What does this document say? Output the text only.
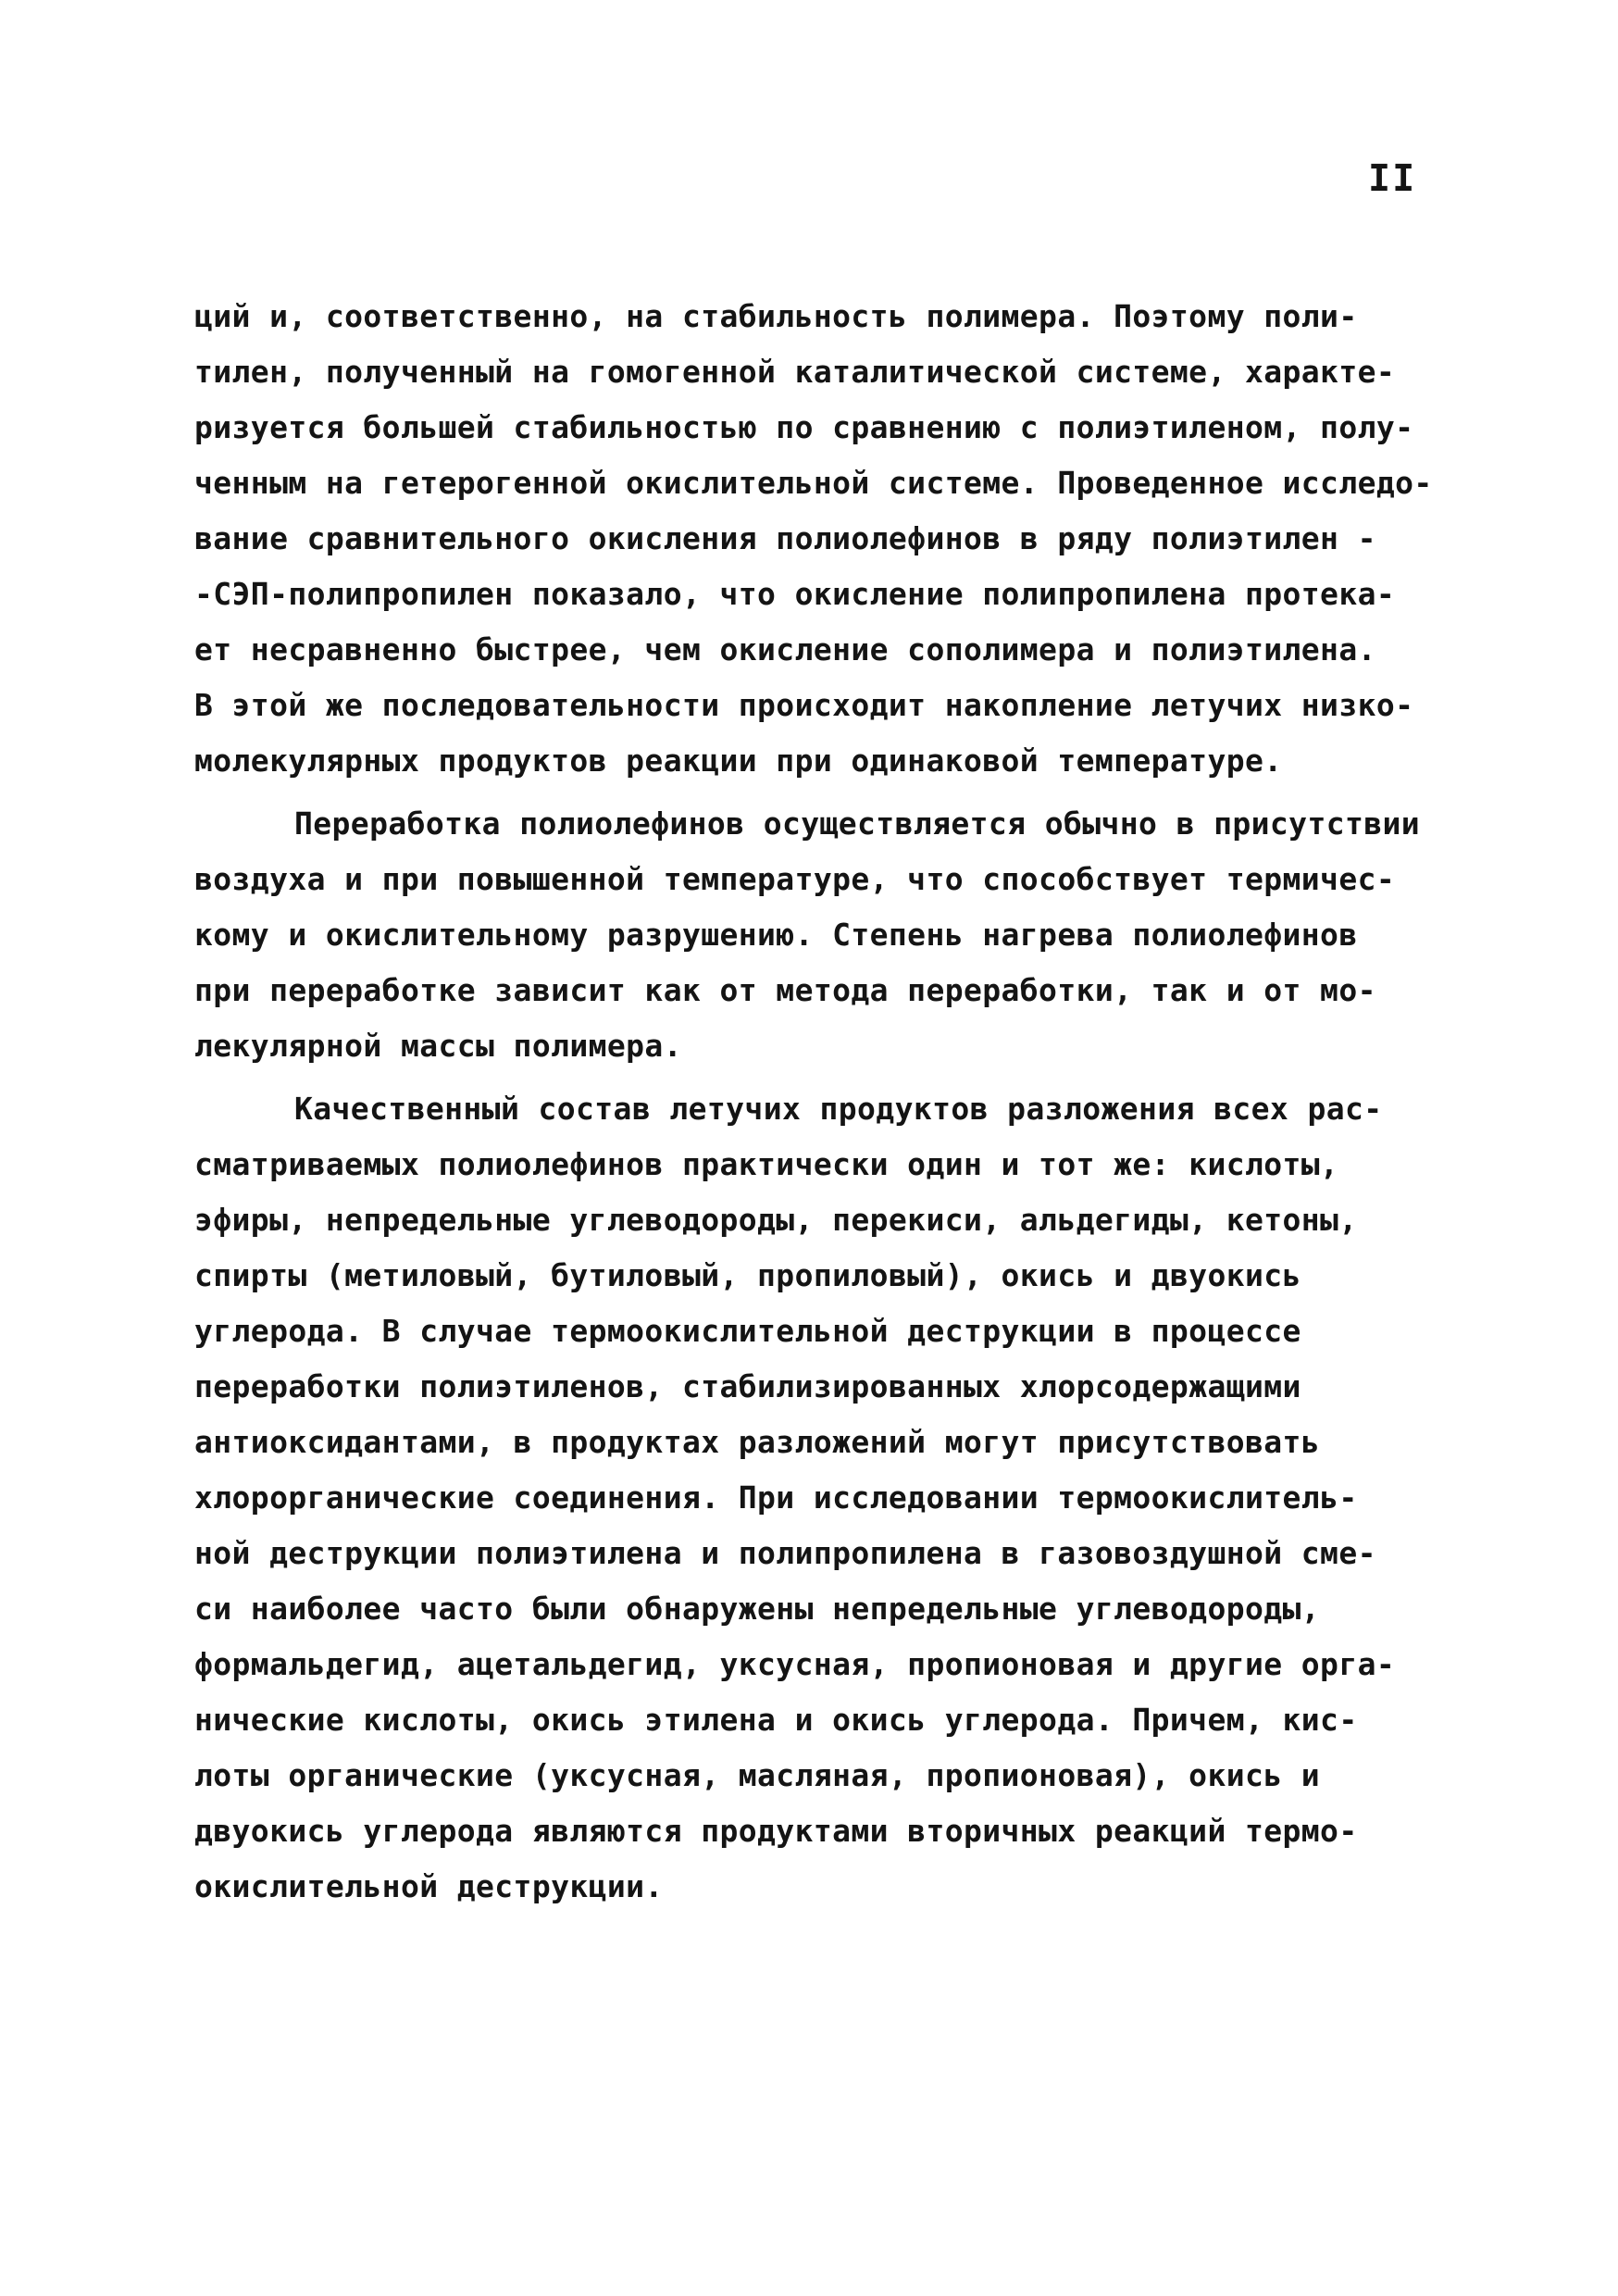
II
ций и, соответственно, на стабильность полимера. Поэтому поли-
тилен, полученный на гомогенной каталитической системе, характе-
ризуется большей стабильностью по сравнению с полиэтиленом, полу-
ченным на гетерогенной окислительной системе. Проведенное исследо-
вание сравнительного окисления полиолефинов в ряду полиэтилен -
-СЭП-полипропилен показало, что окисление полипропилена протека-
ет несравненно быстрее, чем окисление сополимера и полиэтилена.
В этой же последовательности происходит накопление летучих низко-
молекулярных продуктов реакции при одинаковой температуре.
Переработка полиолефинов осуществляется обычно в присутствии
воздуха и при повышенной температуре, что способствует термичес-
кому и окислительному разрушению. Степень нагрева полиолефинов
при переработке зависит как от метода переработки, так и от мо-
лекулярной массы полимера.
Качественный состав летучих продуктов разложения всех рас-
сматриваемых полиолефинов практически один и тот же: кислоты,
эфиры, непредельные углеводороды, перекиси, альдегиды, кетоны,
спирты (метиловый, бутиловый, пропиловый), окись и двуокись
углерода. В случае термоокислительной деструкции в процессе
переработки полиэтиленов, стабилизированных хлорсодержащими
антиоксидантами, в продуктах разложений могут присутствовать
хлорорганические соединения. При исследовании термоокислитель-
ной деструкции полиэтилена и полипропилена в газовоздушной сме-
си наиболее часто были обнаружены непредельные углеводороды,
формальдегид, ацетальдегид, уксусная, пропионовая и другие орга-
нические кислоты, окись этилена и окись углерода. Причем, кис-
лоты органические (уксусная, масляная, пропионовая), окись и
двуокись углерода являются продуктами вторичных реакций термо-
окислительной деструкции.
